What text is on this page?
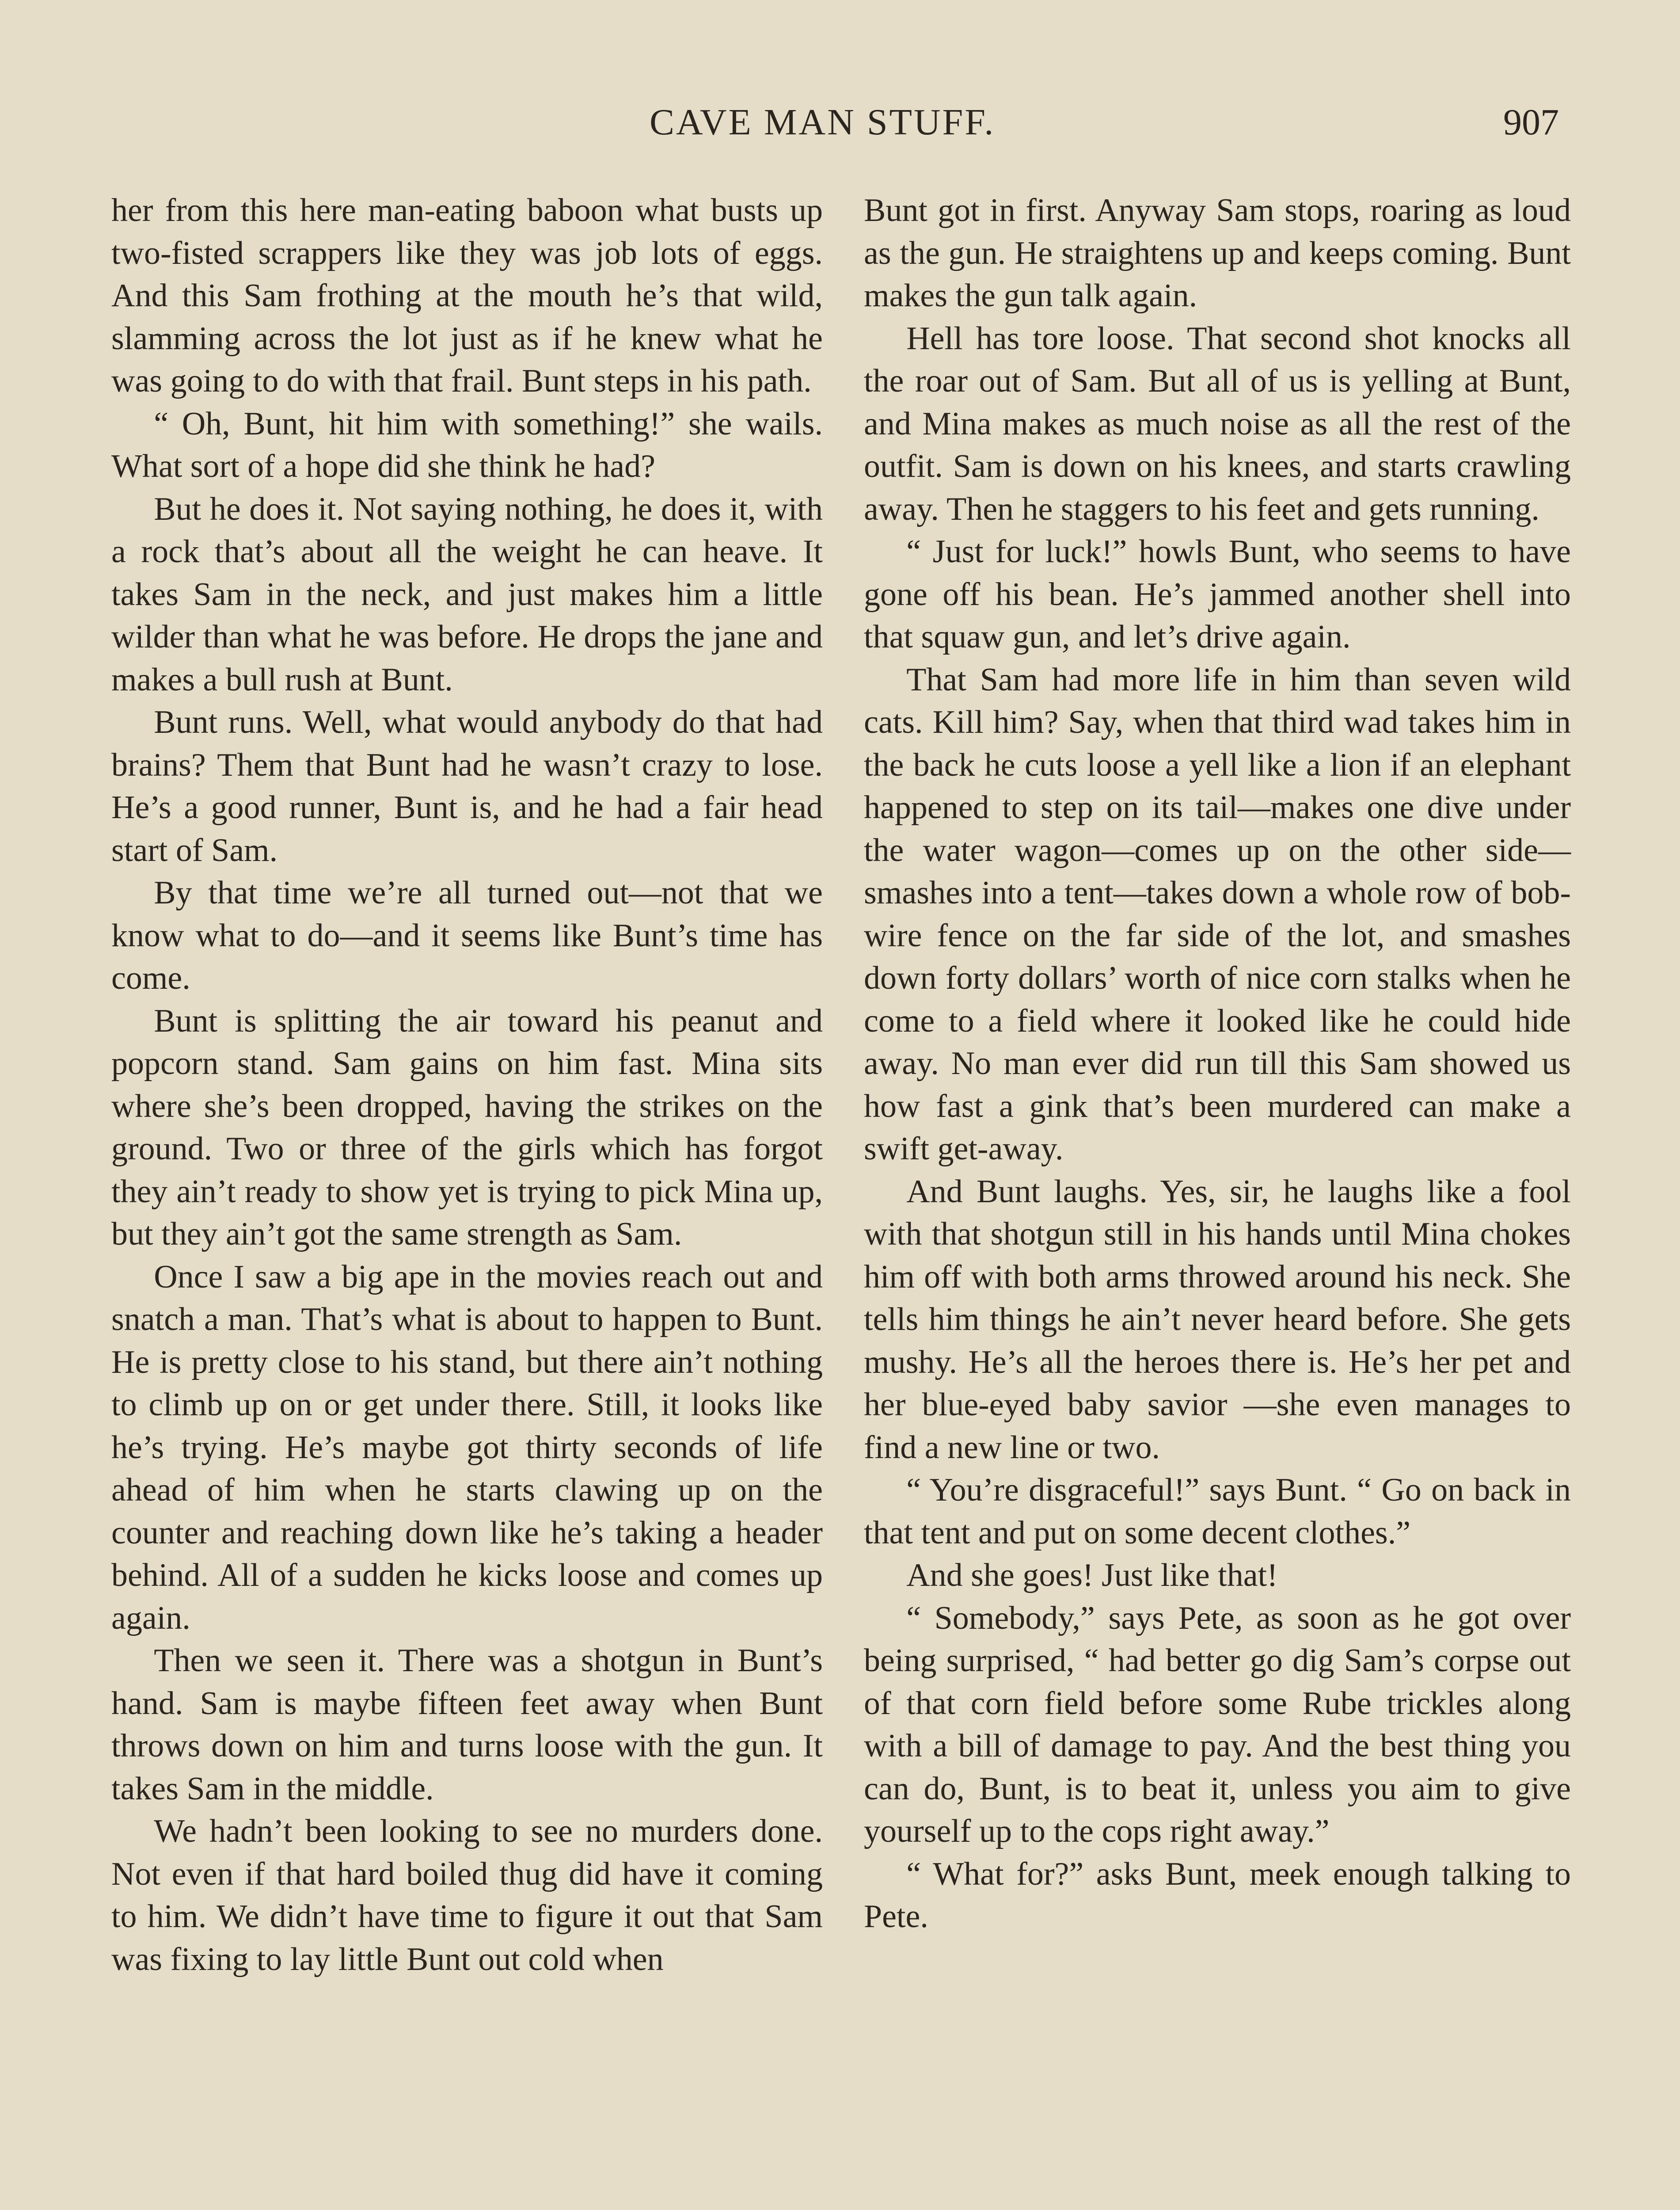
CAVE MAN STUFF.	907

her from this here man-eating baboon what busts up two-fisted scrappers like they was job lots of eggs. And this Sam frothing at the mouth he’s that wild, slamming across the lot just as if he knew what he was going to do with that frail. Bunt steps in his path.

“ Oh, Bunt, hit him with something!” she wails. What sort of a hope did she think he had?

But he does it. Not saying nothing, he does it, with a rock that’s about all the weight he can heave. It takes Sam in the neck, and just makes him a little wilder than what he was before. He drops the jane and makes a bull rush at Bunt.

Bunt runs. Well, what would anybody do that had brains? Them that Bunt had he wasn’t crazy to lose. He’s a good runner, Bunt is, and he had a fair head start of Sam.

By that time we’re all turned out—not that we know what to do—and it seems like Bunt’s time has come.

Bunt is splitting the air toward his peanut and popcorn stand. Sam gains on him fast. Mina sits where she’s been dropped, having the strikes on the ground. Two or three of the girls which has forgot they ain’t ready to show yet is trying to pick Mina up, but they ain’t got the same strength as Sam.

Once I saw a big ape in the movies reach out and snatch a man. That’s what is about to happen to Bunt. He is pretty close to his stand, but there ain’t nothing to climb up on or get under there. Still, it looks like he’s trying. He’s maybe got thirty seconds of life ahead of him when he starts clawing up on the counter and reaching down like he’s taking a header behind. All of a sudden he kicks loose and comes up again.

Then we seen it. There was a shotgun in Bunt’s hand. Sam is maybe fifteen feet away when Bunt throws down on him and turns loose with the gun. It takes Sam in the middle.

We hadn’t been looking to see no murders done. Not even if that hard boiled thug did have it coming to him. We didn’t have time to figure it out that Sam was fixing to lay little Bunt out cold when

Bunt got in first. Anyway Sam stops, roaring as loud as the gun. He straightens up and keeps coming. Bunt makes the gun talk again.

Hell has tore loose. That second shot knocks all the roar out of Sam. But all of us is yelling at Bunt, and Mina makes as much noise as all the rest of the outfit. Sam is down on his knees, and starts crawling away. Then he staggers to his feet and gets running.

“ Just for luck!” howls Bunt, who seems to have gone off his bean. He’s jammed another shell into that squaw gun, and let’s drive again.

That Sam had more life in him than seven wild cats. Kill him? Say, when that third wad takes him in the back he cuts loose a yell like a lion if an elephant happened to step on its tail—makes one dive under the water wagon—comes up on the other side—smashes into a tent—takes down a whole row of bob-wire fence on the far side of the lot, and smashes down forty dollars’ worth of nice corn stalks when he come to a field where it looked like he could hide away. No man ever did run till this Sam showed us how fast a gink that’s been murdered can make a swift get-away.

And Bunt laughs. Yes, sir, he laughs like a fool with that shotgun still in his hands until Mina chokes him off with both arms throwed around his neck. She tells him things he ain’t never heard before. She gets mushy. He’s all the heroes there is. He’s her pet and her blue-eyed baby savior —she even manages to find a new line or two.

“ You’re disgraceful!” says Bunt. “ Go on back in that tent and put on some decent clothes.”

And she goes! Just like that!

“ Somebody,” says Pete, as soon as he got over being surprised, “ had better go dig Sam’s corpse out of that corn field before some Rube trickles along with a bill of damage to pay. And the best thing you can do, Bunt, is to beat it, unless you aim to give yourself up to the cops right away.”

“ What for?” asks Bunt, meek enough talking to Pete.
